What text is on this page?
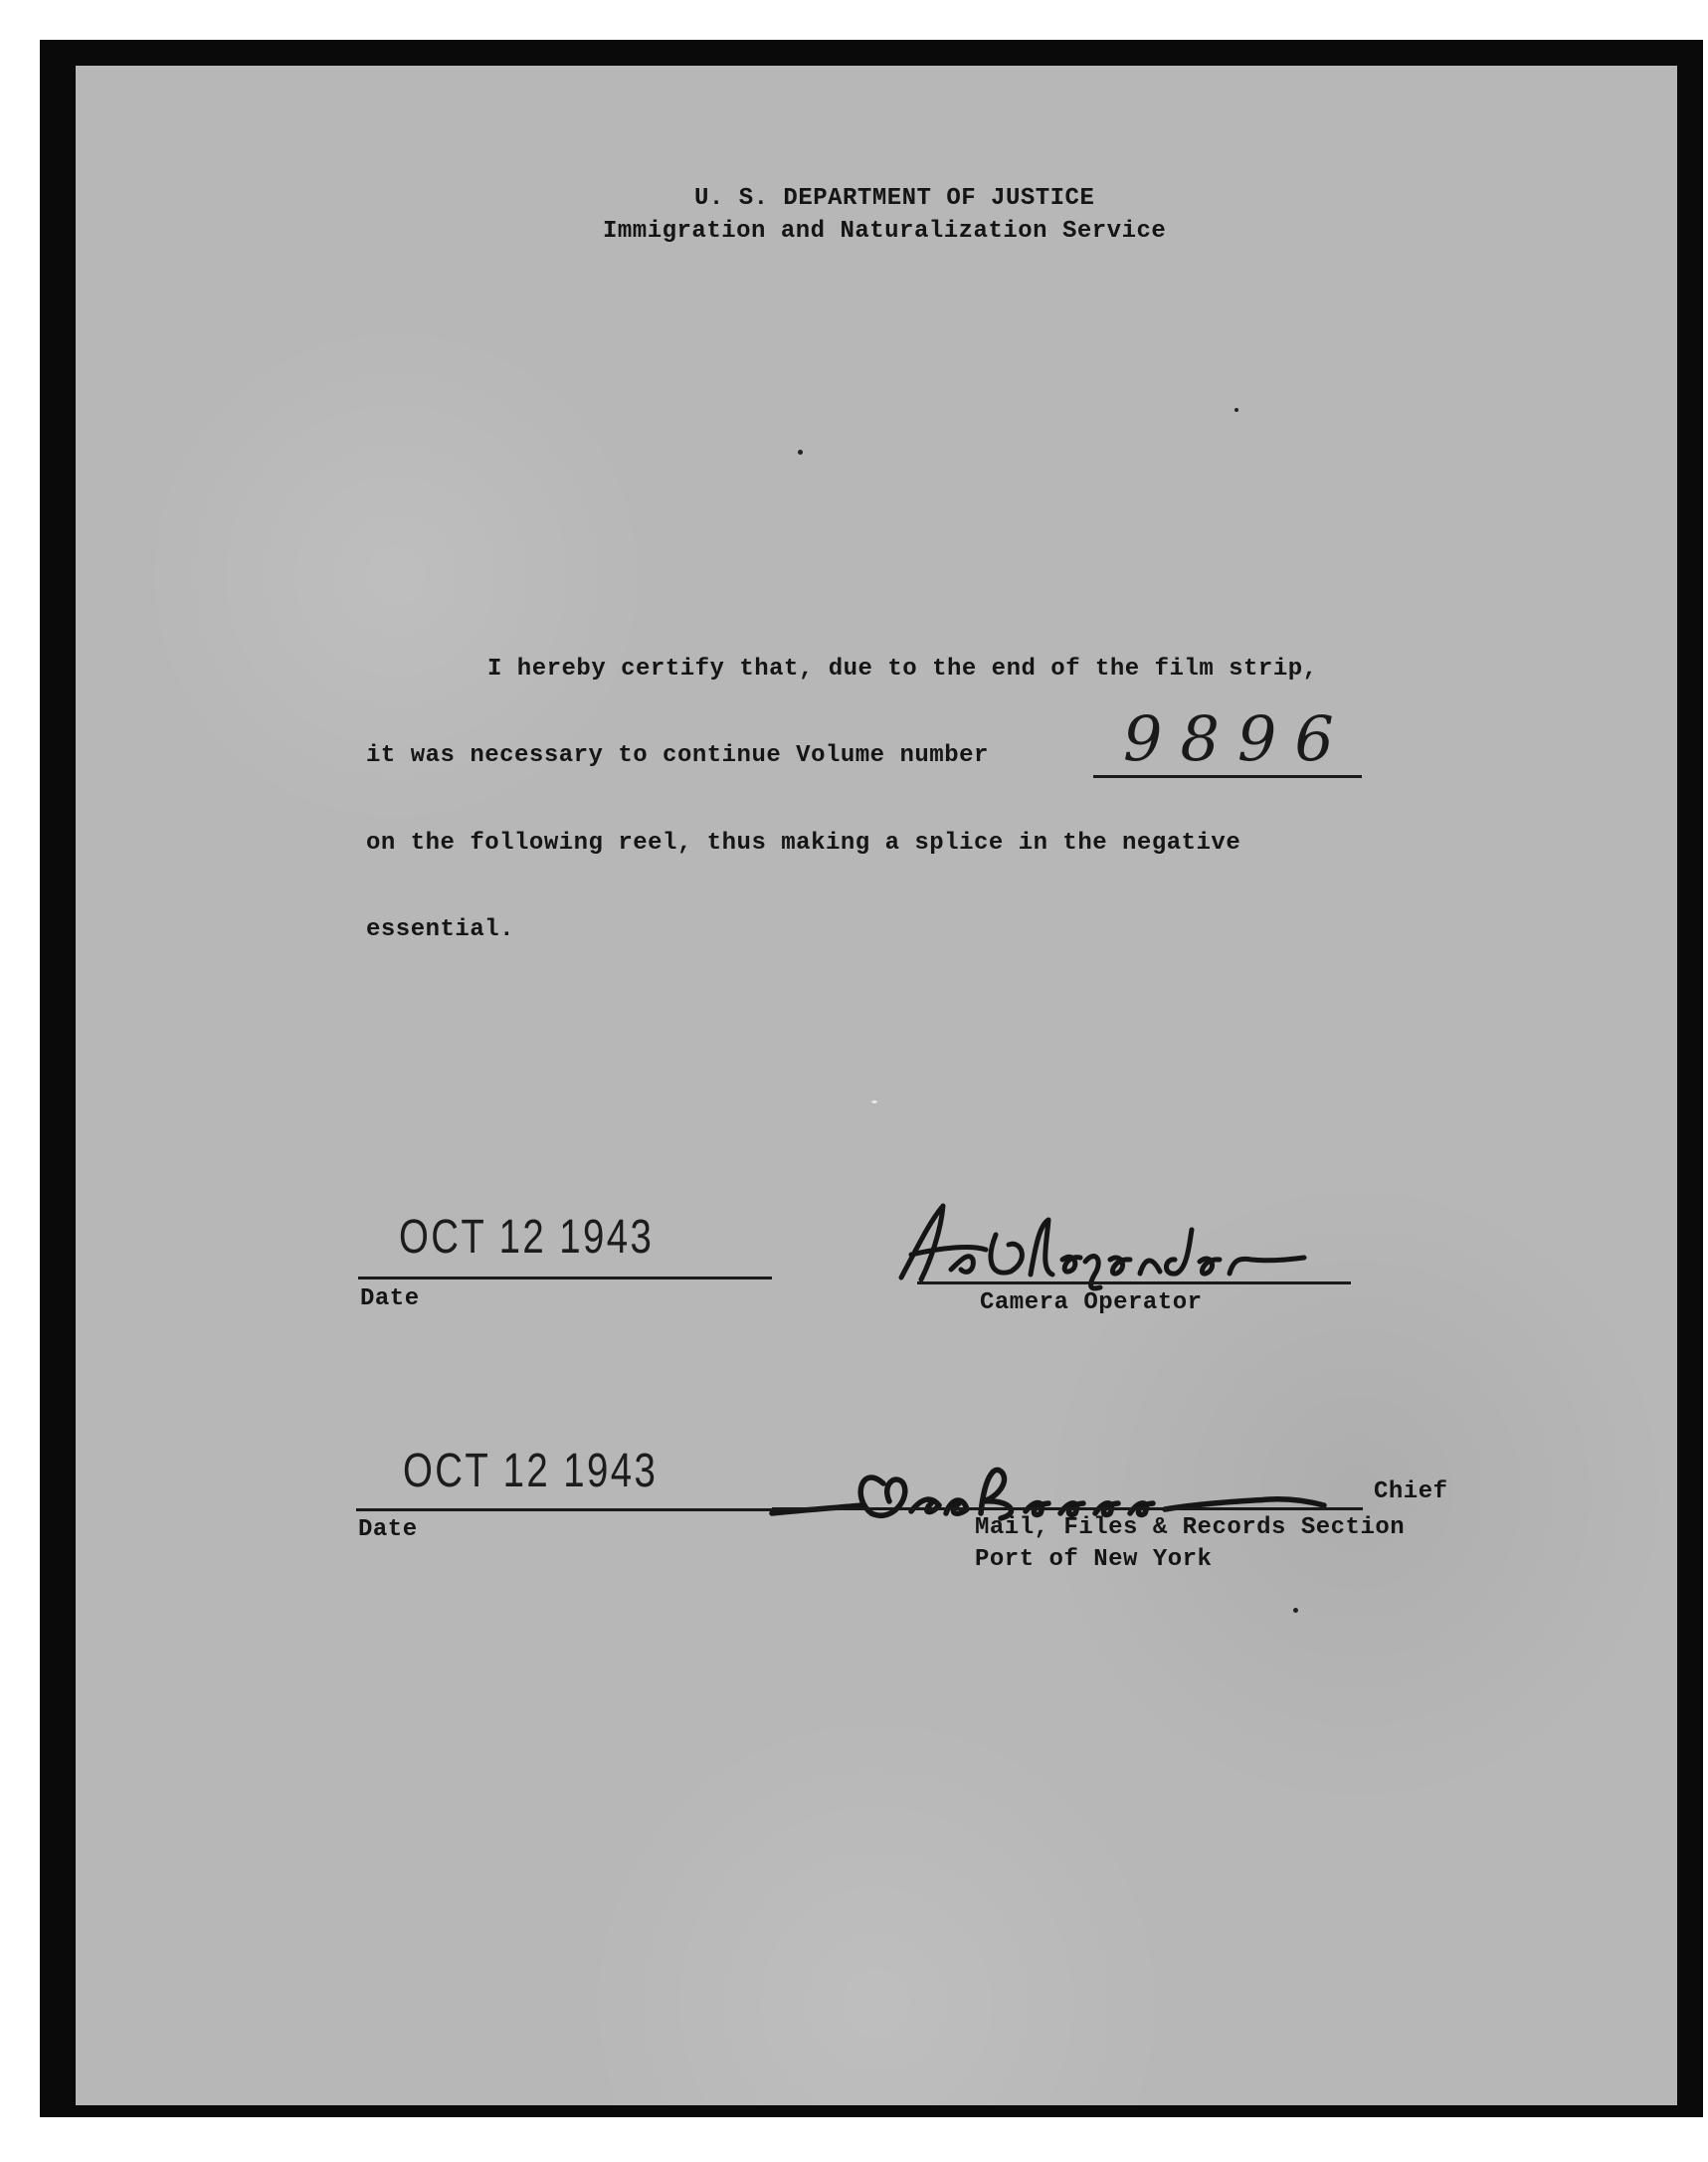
U. S. DEPARTMENT OF JUSTICE
Immigration and Naturalization Service
I hereby certify that, due to the end of the film strip,
it was necessary to continue Volume number 9896
on the following reel, thus making a splice in the negative
essential.
OCT 12 1943
Date	Camera Operator
OCT 12 1943
Date
Chief
Mail, Files & Records Section
Port of New York
